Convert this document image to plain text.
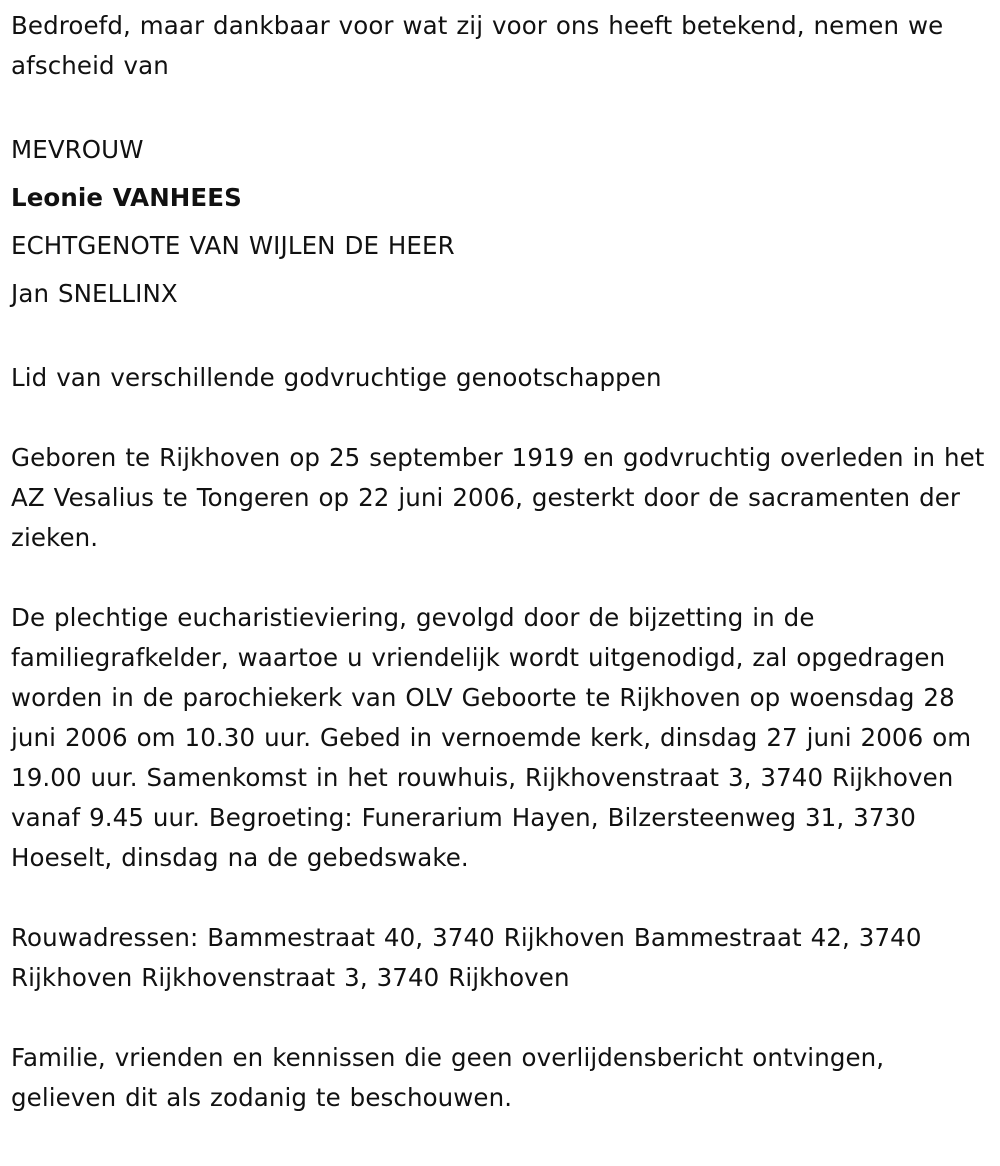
Bedroefd, maar dankbaar voor wat zij voor ons heeft betekend, nemen we afscheid van

MEVROUW

Leonie VANHEES

ECHTGENOTE VAN WIJLEN DE HEER

Jan SNELLINX

Lid van verschillende godvruchtige genootschappen

Geboren te Rijkhoven op 25 september 1919 en godvruchtig overleden in het AZ Vesalius te Tongeren op 22 juni 2006, gesterkt door de sacramenten der zieken.

De plechtige eucharistieviering, gevolgd door de bijzetting in de familiegrafkelder, waartoe u vriendelijk wordt uitgenodigd, zal opgedragen worden in de parochiekerk van OLV Geboorte te Rijkhoven op woensdag 28 juni 2006 om 10.30 uur. Gebed in vernoemde kerk, dinsdag 27 juni 2006 om 19.00 uur. Samenkomst in het rouwhuis, Rijkhovenstraat 3, 3740 Rijkhoven vanaf 9.45 uur. Begroeting: Funerarium Hayen, Bilzersteenweg 31, 3730 Hoeselt, dinsdag na de gebedswake.

Rouwadressen: Bammestraat 40, 3740 Rijkhoven Bammestraat 42, 3740 Rijkhoven Rijkhovenstraat 3, 3740 Rijkhoven

Familie, vrienden en kennissen die geen overlijdensbericht ontvingen, gelieven dit als zodanig te beschouwen.
